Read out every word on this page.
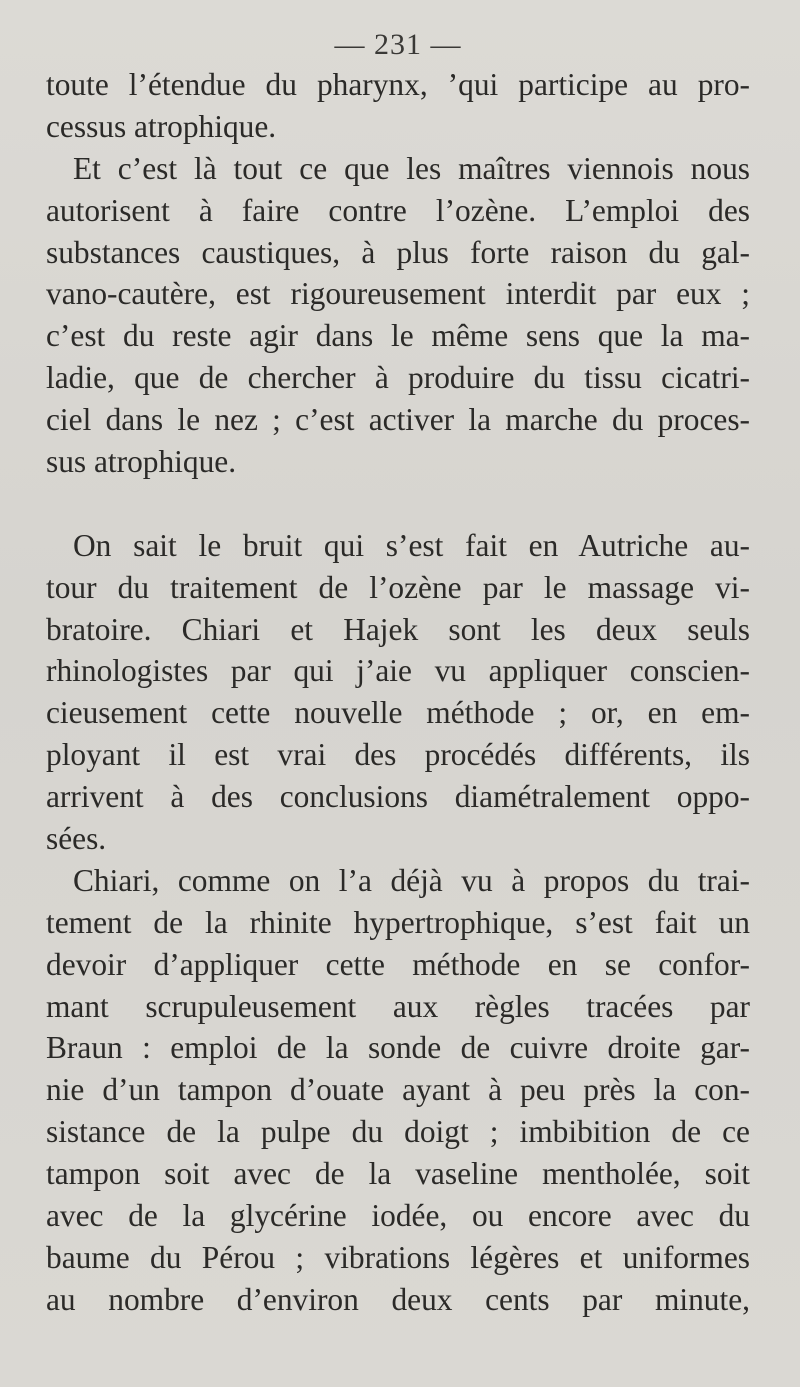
— 231 —
toute l’étendue du pharynx, ’qui participe au pro-
cessus atrophique.
Et c’est là tout ce que les maîtres viennois nous
autorisent à faire contre l’ozène. L’emploi des
substances caustiques, à plus forte raison du gal-
vano-cautère, est rigoureusement interdit par eux ;
c’est du reste agir dans le même sens que la ma-
ladie, que de chercher à produire du tissu cicatri-
ciel dans le nez ; c’est activer la marche du proces-
sus atrophique.
On sait le bruit qui s’est fait en Autriche au-
tour du traitement de l’ozène par le massage vi-
bratoire. Chiari et Hajek sont les deux seuls
rhinologistes par qui j’aie vu appliquer conscien-
cieusement cette nouvelle méthode ; or, en em-
ployant il est vrai des procédés différents, ils
arrivent à des conclusions diamétralement oppo-
sées.
Chiari, comme on l’a déjà vu à propos du trai-
tement de la rhinite hypertrophique, s’est fait un
devoir d’appliquer cette méthode en se confor-
mant scrupuleusement aux règles tracées par
Braun : emploi de la sonde de cuivre droite gar-
nie d’un tampon d’ouate ayant à peu près la con-
sistance de la pulpe du doigt ; imbibition de ce
tampon soit avec de la vaseline mentholée, soit
avec de la glycérine iodée, ou encore avec du
baume du Pérou ; vibrations légères et uniformes
au nombre d’environ deux cents par minute,
